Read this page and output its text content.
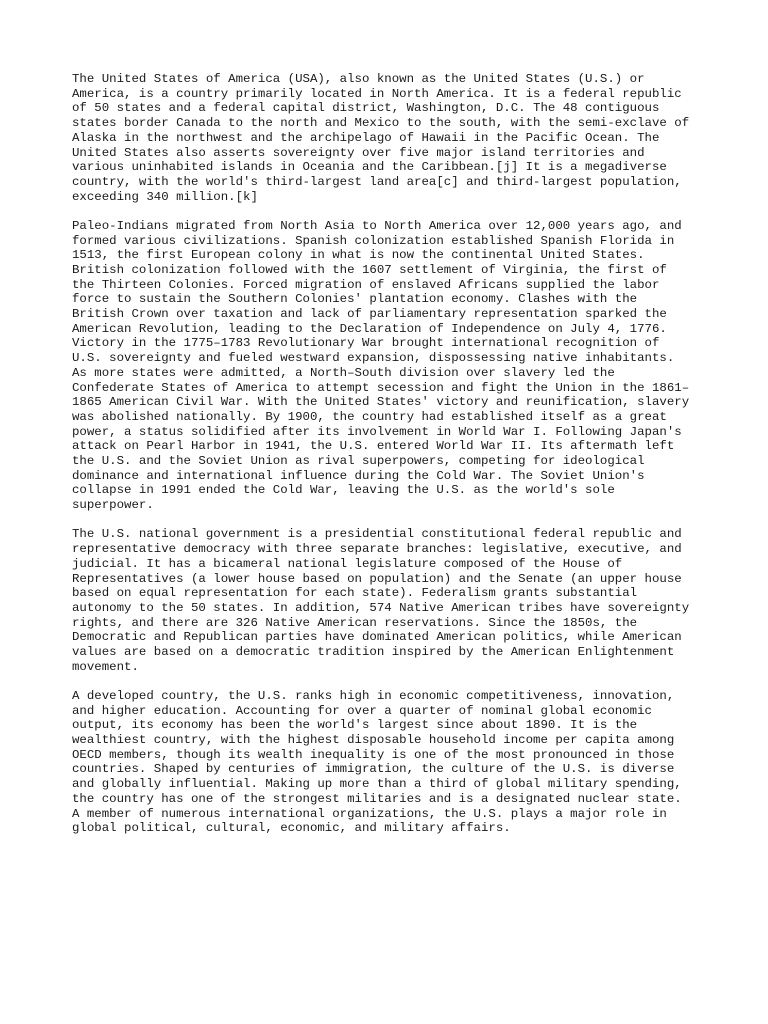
The United States of America (USA), also known as the United States (U.S.) or
America, is a country primarily located in North America. It is a federal republic
of 50 states and a federal capital district, Washington, D.C. The 48 contiguous
states border Canada to the north and Mexico to the south, with the semi-exclave of
Alaska in the northwest and the archipelago of Hawaii in the Pacific Ocean. The
United States also asserts sovereignty over five major island territories and
various uninhabited islands in Oceania and the Caribbean.[j] It is a megadiverse
country, with the world's third-largest land area[c] and third-largest population,
exceeding 340 million.[k]

Paleo-Indians migrated from North Asia to North America over 12,000 years ago, and
formed various civilizations. Spanish colonization established Spanish Florida in
1513, the first European colony in what is now the continental United States.
British colonization followed with the 1607 settlement of Virginia, the first of
the Thirteen Colonies. Forced migration of enslaved Africans supplied the labor
force to sustain the Southern Colonies' plantation economy. Clashes with the
British Crown over taxation and lack of parliamentary representation sparked the
American Revolution, leading to the Declaration of Independence on July 4, 1776.
Victory in the 1775–1783 Revolutionary War brought international recognition of
U.S. sovereignty and fueled westward expansion, dispossessing native inhabitants.
As more states were admitted, a North–South division over slavery led the
Confederate States of America to attempt secession and fight the Union in the 1861–
1865 American Civil War. With the United States' victory and reunification, slavery
was abolished nationally. By 1900, the country had established itself as a great
power, a status solidified after its involvement in World War I. Following Japan's
attack on Pearl Harbor in 1941, the U.S. entered World War II. Its aftermath left
the U.S. and the Soviet Union as rival superpowers, competing for ideological
dominance and international influence during the Cold War. The Soviet Union's
collapse in 1991 ended the Cold War, leaving the U.S. as the world's sole
superpower.

The U.S. national government is a presidential constitutional federal republic and
representative democracy with three separate branches: legislative, executive, and
judicial. It has a bicameral national legislature composed of the House of
Representatives (a lower house based on population) and the Senate (an upper house
based on equal representation for each state). Federalism grants substantial
autonomy to the 50 states. In addition, 574 Native American tribes have sovereignty
rights, and there are 326 Native American reservations. Since the 1850s, the
Democratic and Republican parties have dominated American politics, while American
values are based on a democratic tradition inspired by the American Enlightenment
movement.

A developed country, the U.S. ranks high in economic competitiveness, innovation,
and higher education. Accounting for over a quarter of nominal global economic
output, its economy has been the world's largest since about 1890. It is the
wealthiest country, with the highest disposable household income per capita among
OECD members, though its wealth inequality is one of the most pronounced in those
countries. Shaped by centuries of immigration, the culture of the U.S. is diverse
and globally influential. Making up more than a third of global military spending,
the country has one of the strongest militaries and is a designated nuclear state.
A member of numerous international organizations, the U.S. plays a major role in
global political, cultural, economic, and military affairs.
